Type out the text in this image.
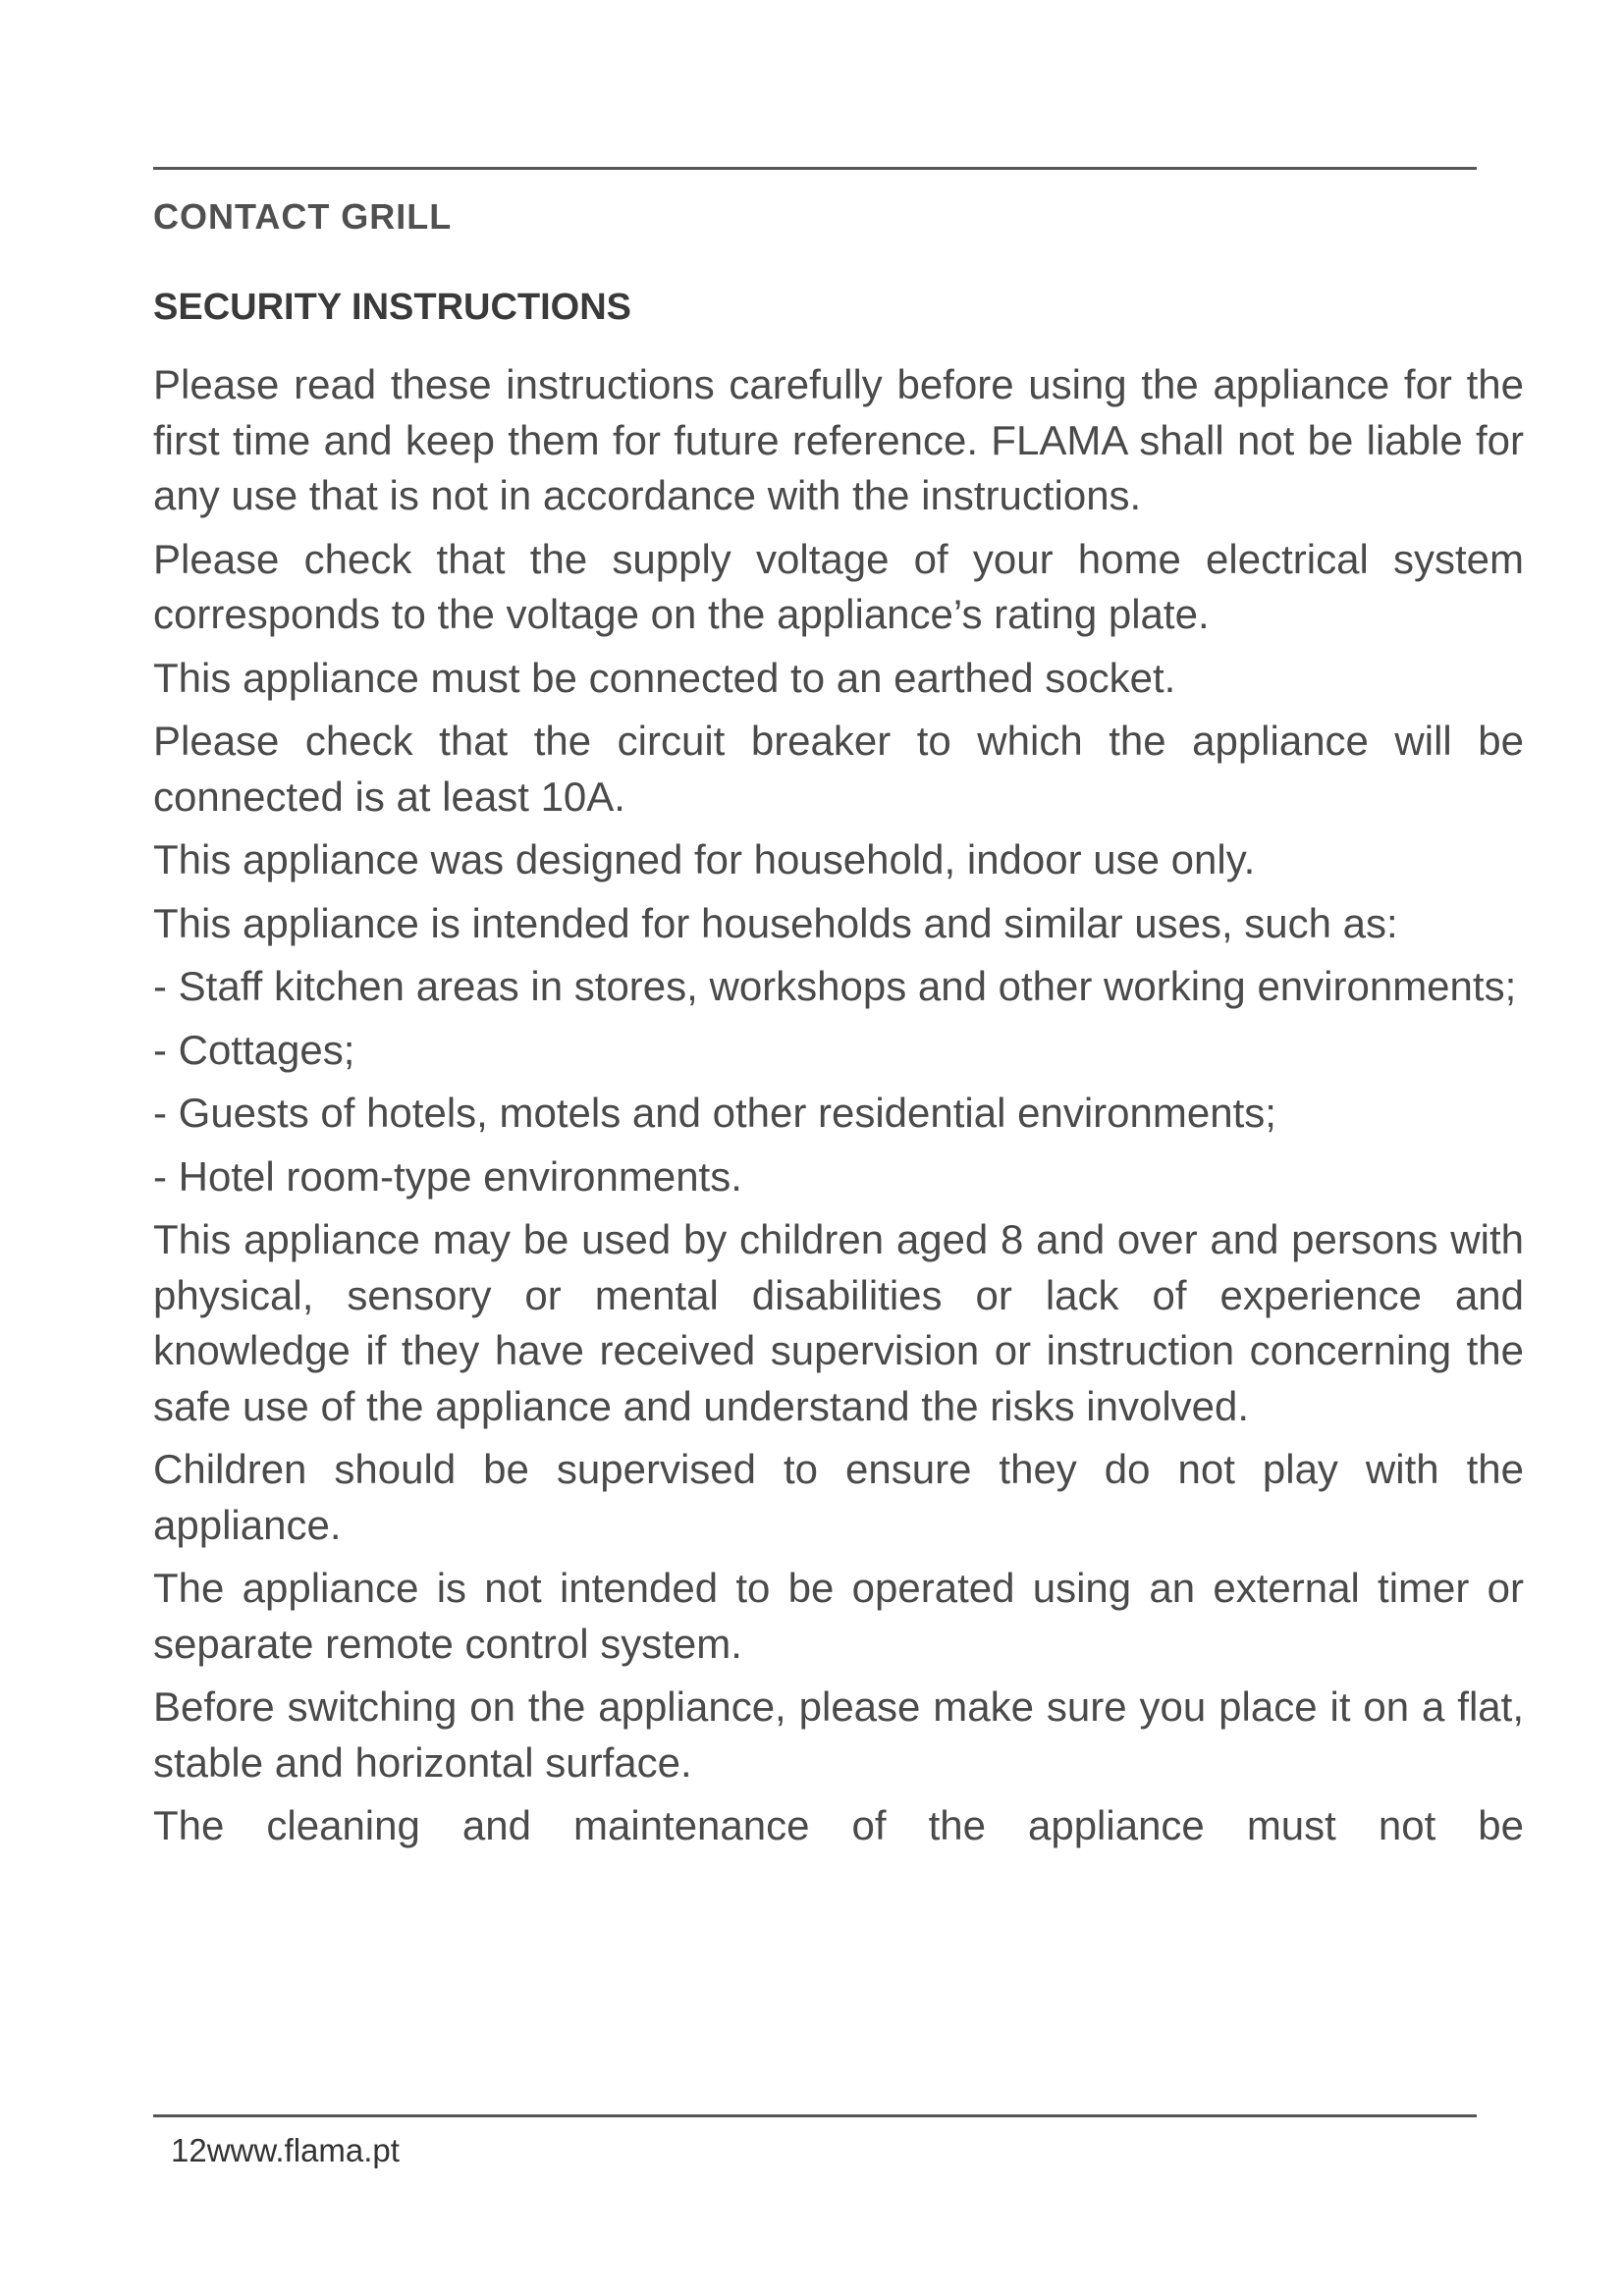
CONTACT GRILL
SECURITY INSTRUCTIONS

Please read these instructions carefully before using the appliance for the first time and keep them for future reference. FLAMA shall not be liable for any use that is not in accordance with the instructions.

Please check that the supply voltage of your home electrical system corresponds to the voltage on the appliance’s rating plate.

This appliance must be connected to an earthed socket.

Please check that the circuit breaker to which the appliance will be connected is at least 10A.

This appliance was designed for household, indoor use only.

This appliance is intended for households and similar uses, such as:

- Staff kitchen areas in stores, workshops and other working environments;

- Cottages;

- Guests of hotels, motels and other residential environments;

- Hotel room-type environments.

This appliance may be used by children aged 8 and over and persons with physical, sensory or mental disabilities or lack of experience and knowledge if they have received supervision or instruction concerning the safe use of the appliance and understand the risks involved.

Children should be supervised to ensure they do not play with the appliance.

The appliance is not intended to be operated using an external timer or separate remote control system.

Before switching on the appliance, please make sure you place it on a flat, stable and horizontal surface.

The cleaning and maintenance of the appliance must not be

12www.flama.pt
